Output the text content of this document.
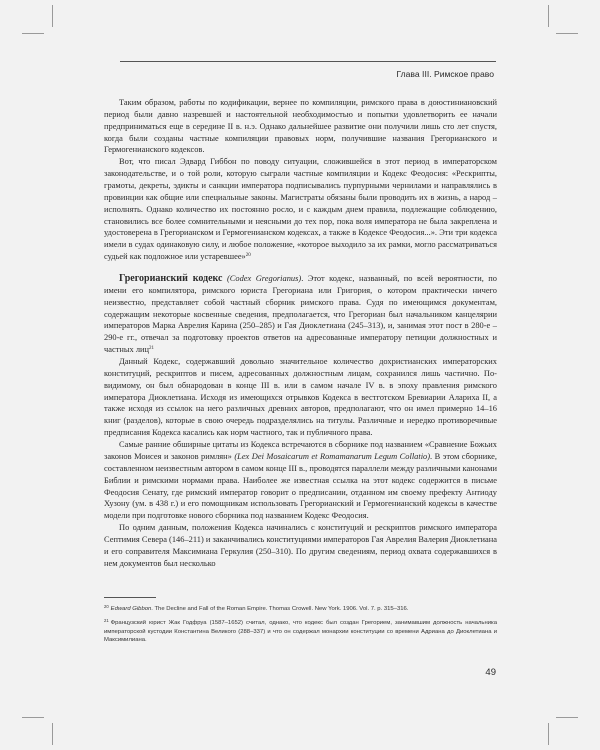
Глава III. Римское право

Таким образом, работы по кодификации, вернее по компиляции, римского права в доюстиниановский период были давно назревшей и настоятельной необходимостью и попытки удовлетворить ее начали предприниматься еще в середине II в. н.э. Однако дальнейшее развитие они получили лишь сто лет спустя, когда были созданы частные компиляции правовых норм, получившие названия Грегорианского и Гермогенианского кодексов.

Вот, что писал Эдвард Гиббон по поводу ситуации, сложившейся в этот период в императорском законодательстве, и о той роли, которую сыграли частные компиляции и Кодекс Феодосия: «Рескрипты, грамоты, декреты, эдикты и санкции императора подписывались пурпурными чернилами и направлялись в провинции как общие или специальные законы. Магистраты обязаны были проводить их в жизнь, а народ – исполнять. Однако количество их постоянно росло, и с каждым днем правила, подлежащие соблюдению, становились все более сомнительными и неясными до тех пор, пока воля императора не была закреплена и удостоверена в Грегорианском и Гермогенианском кодексах, а также в Кодексе Феодосия...». Эти три кодекса имели в судах одинаковую силу, и любое положение, «которое выходило за их рамки, могло рассматриваться судьей как подложное или устаревшее»$^{20}$

Грегорианский кодекс (Codex Gregorianus). Этот кодекс, названный, по всей вероятности, по имени его компилятора, римского юриста Грегориана или Григория, о котором практически ничего неизвестно, представляет собой частный сборник римского права. Судя по имеющимся документам, содержащим некоторые косвенные сведения, предполагается, что Грегориан был начальником канцелярии императоров Марка Аврелия Карина (250–285) и Гая Диоклетиана (245–313), и, занимая этот пост в 280-е – 290-е гг., отвечал за подготовку проектов ответов на адресованные императору петиции должностных и частных лиц$^{21}$

Данный Кодекс, содержавший довольно значительное количество дохристианских императорских конституций, рескриптов и писем, адресованных должностным лицам, сохранился лишь частично. По-видимому, он был обнародован в конце III в. или в самом начале IV в. в эпоху правления римского императора Диоклетиана. Исходя из имеющихся отрывков Кодекса в вестготском Бревиарии Алариха II, а также исходя из ссылок на него различных древних авторов, предполагают, что он имел примерно 14–16 книг (разделов), которые в свою очередь подразделялись на титулы. Различные и нередко противоречивые предписания Кодекса касались как норм частного, так и публичного права.

Самые ранние обширные цитаты из Кодекса встречаются в сборнике под названием «Сравнение Божьих законов Моисея и законов римлян» (Lex Dei Mosaicarum et Romamanarum Legum Collatio). В этом сборнике, составленном неизвестным автором в самом конце III в., проводятся параллели между различными канонами Библии и римскими нормами права. Наиболее же известная ссылка на этот кодекс содержится в письме Феодосия Сенату, где римский император говорит о предписании, отданном им своему префекту Антиоду Хузону (ум. в 438 г.) и его помощникам использовать Грегорианский и Гермогенианский кодексы в качестве модели при подготовке нового сборника под названием Кодекс Феодосия.

По одним данным, положения Кодекса начинались с конституций и рескриптов римского императора Септимия Севера (146–211) и заканчивались конституциями императоров Гая Аврелия Валерия Диоклетиана и его соправителя Максимиана Геркулия (250–310). По другим сведениям, период охвата содержавшихся в нем документов был несколько

$^{20}$ Edward Gibbon. The Decline and Fall of the Roman Empire. Thomas Crowell. New York. 1906. Vol. 7. p. 315–316.

$^{21}$ Французский юрист Жак Годфруа (1587–1652) считал, однако, что кодекс был создан Грегорием, занимавшим должность начальника императорской кустодии Константина Великого (288–337) и что он содержал монархии конституции со времени Адриана до Диоклетиана и Максимилиана.

49
